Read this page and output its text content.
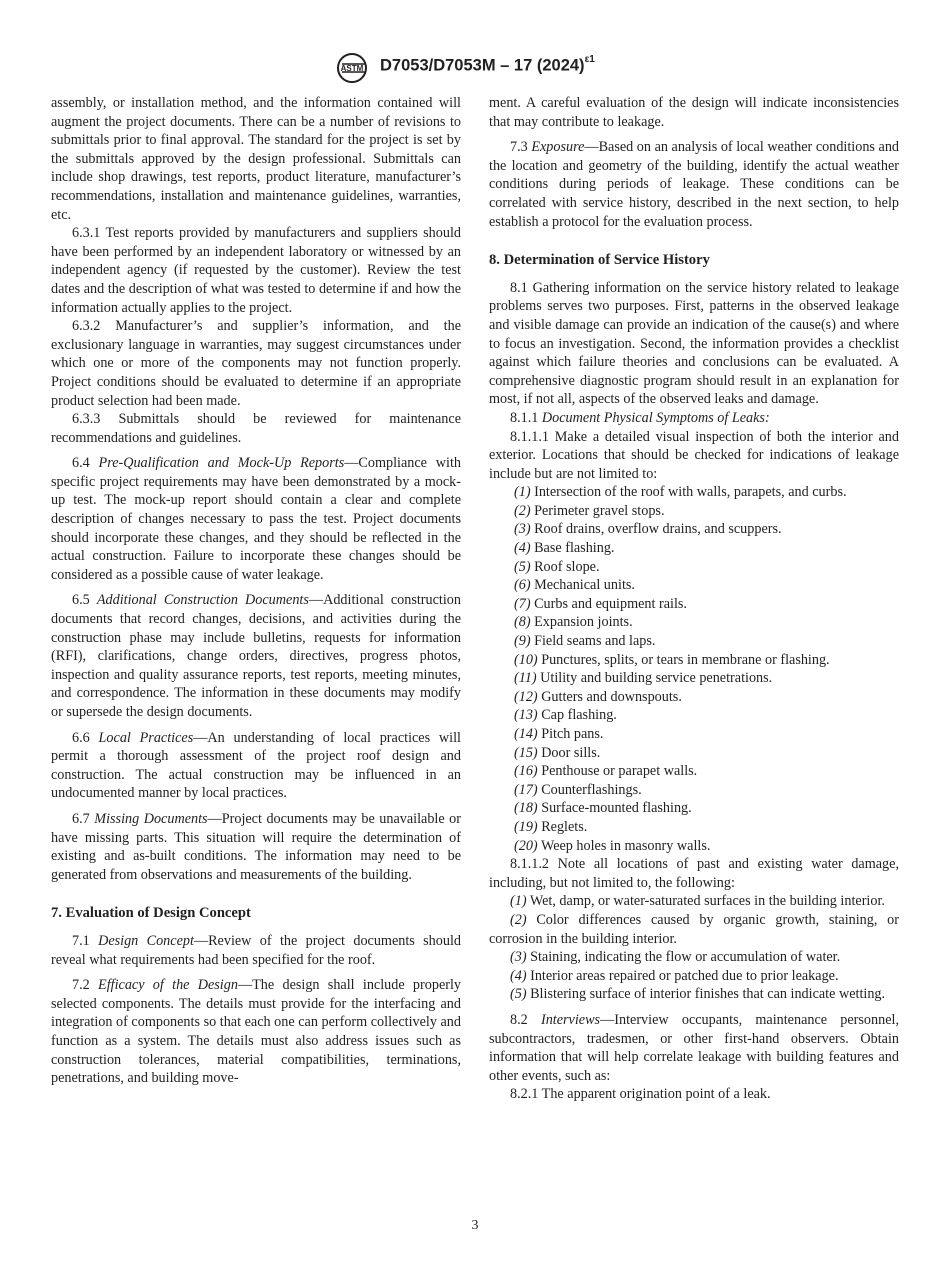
ASTM D7053/D7053M – 17 $(2024)^{\varepsilon 1}$

assembly, or installation method, and the information contained will augment the project documents. There can be a number of revisions to submittals prior to final approval. The standard for the project is set by the submittals approved by the design professional. Submittals can include shop drawings, test reports, product literature, manufacturer’s recommendations, installation and maintenance guidelines, warranties, etc.

6.3.1 Test reports provided by manufacturers and suppliers should have been performed by an independent laboratory or witnessed by an independent agency (if requested by the customer). Review the test dates and the description of what was tested to determine if and how the information actually applies to the project.

6.3.2 Manufacturer’s and supplier’s information, and the exclusionary language in warranties, may suggest circumstances under which one or more of the components may not function properly. Project conditions should be evaluated to determine if an appropriate product selection had been made.

6.3.3 Submittals should be reviewed for maintenance recommendations and guidelines.

6.4 Pre-Qualification and Mock-Up Reports—Compliance with specific project requirements may have been demonstrated by a mock-up test. The mock-up report should contain a clear and complete description of changes necessary to pass the test. Project documents should incorporate these changes, and they should be reflected in the actual construction. Failure to incorporate these changes should be considered as a possible cause of water leakage.

6.5 Additional Construction Documents—Additional construction documents that record changes, decisions, and activities during the construction phase may include bulletins, requests for information (RFI), clarifications, change orders, directives, progress photos, inspection and quality assurance reports, test reports, meeting minutes, and correspondence. The information in these documents may modify or supersede the design documents.

6.6 Local Practices—An understanding of local practices will permit a thorough assessment of the project roof design and construction. The actual construction may be influenced in an undocumented manner by local practices.

6.7 Missing Documents—Project documents may be unavailable or have missing parts. This situation will require the determination of existing and as-built conditions. The information may need to be generated from observations and measurements of the building.

7. Evaluation of Design Concept

7.1 Design Concept—Review of the project documents should reveal what requirements had been specified for the roof.

7.2 Efficacy of the Design—The design shall include properly selected components. The details must provide for the interfacing and integration of components so that each one can perform collectively and function as a system. The details must also address issues such as construction tolerances, material compatibilities, terminations, penetrations, and building move-

ment. A careful evaluation of the design will indicate inconsistencies that may contribute to leakage.

7.3 Exposure—Based on an analysis of local weather conditions and the location and geometry of the building, identify the actual weather conditions during periods of leakage. These conditions can be correlated with service history, described in the next section, to help establish a protocol for the evaluation process.

8. Determination of Service History

8.1 Gathering information on the service history related to leakage problems serves two purposes. First, patterns in the observed leakage and visible damage can provide an indication of the cause(s) and where to focus an investigation. Second, the information provides a checklist against which failure theories and conclusions can be evaluated. A comprehensive diagnostic program should result in an explanation for most, if not all, aspects of the observed leaks and damage.

8.1.1 Document Physical Symptoms of Leaks:

8.1.1.1 Make a detailed visual inspection of both the interior and exterior. Locations that should be checked for indications of leakage include but are not limited to:

(1) Intersection of the roof with walls, parapets, and curbs.

(2) Perimeter gravel stops.

(3) Roof drains, overflow drains, and scuppers.

(4) Base flashing.

(5) Roof slope.

(6) Mechanical units.

(7) Curbs and equipment rails.

(8) Expansion joints.

(9) Field seams and laps.

(10) Punctures, splits, or tears in membrane or flashing.

(11) Utility and building service penetrations.

(12) Gutters and downspouts.

(13) Cap flashing.

(14) Pitch pans.

(15) Door sills.

(16) Penthouse or parapet walls.

(17) Counterflashings.

(18) Surface-mounted flashing.

(19) Reglets.

(20) Weep holes in masonry walls.

8.1.1.2 Note all locations of past and existing water damage, including, but not limited to, the following:

(1) Wet, damp, or water-saturated surfaces in the building interior.

(2) Color differences caused by organic growth, staining, or corrosion in the building interior.

(3) Staining, indicating the flow or accumulation of water.

(4) Interior areas repaired or patched due to prior leakage.

(5) Blistering surface of interior finishes that can indicate wetting.

8.2 Interviews—Interview occupants, maintenance personnel, subcontractors, tradesmen, or other first-hand observers. Obtain information that will help correlate leakage with building features and other events, such as:

8.2.1 The apparent origination point of a leak.

3
